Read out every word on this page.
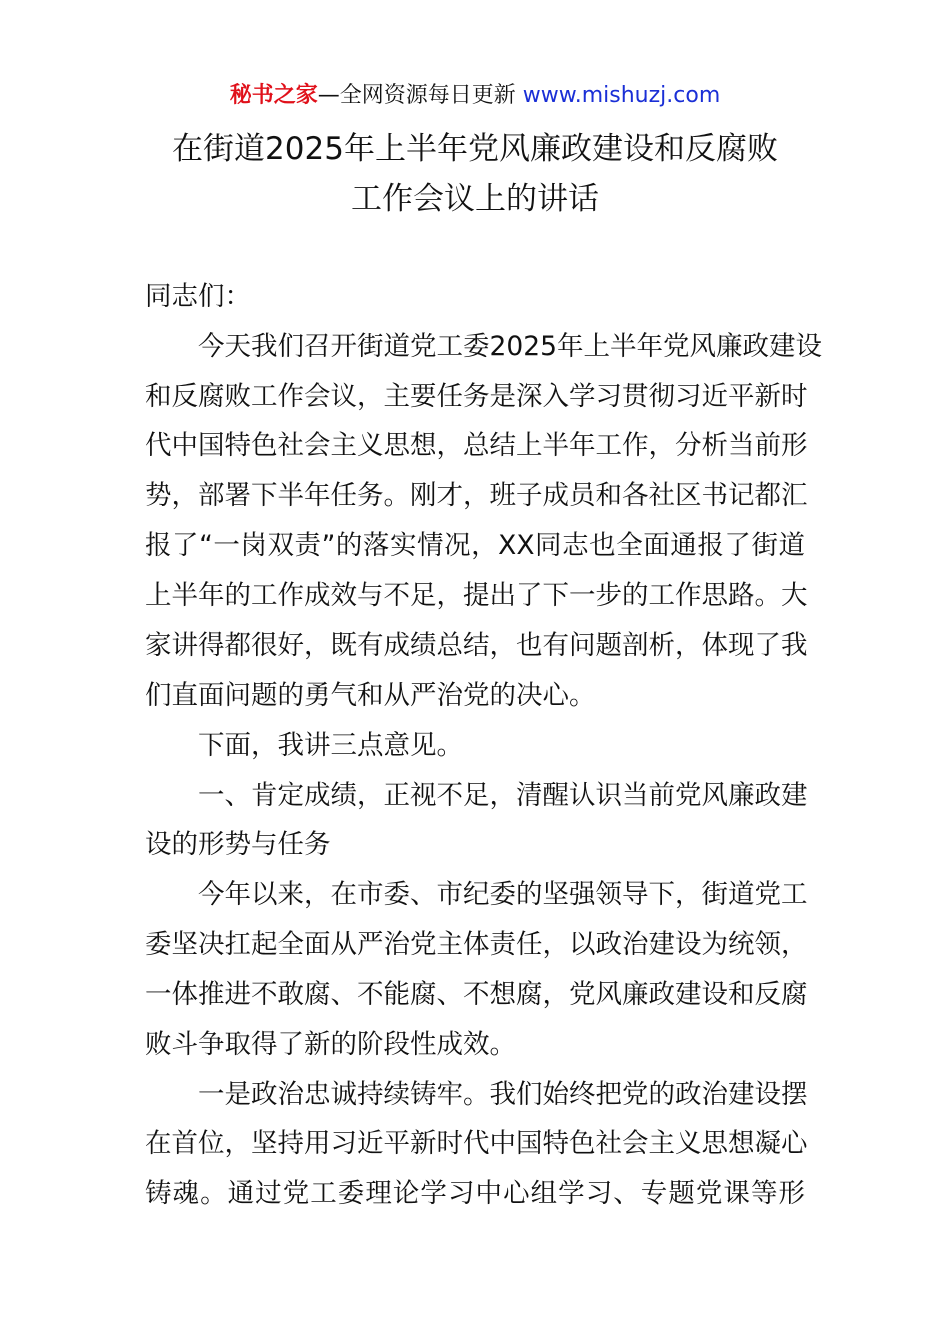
秘书之家—全网资源每日更新 www.mishuzj.com
在街道2025年上半年党风廉政建设和反腐败
工作会议上的讲话
同志们：
今天我们召开街道党工委2025年上半年党风廉政建设
和反腐败工作会议，主要任务是深入学习贯彻习近平新时
代中国特色社会主义思想，总结上半年工作，分析当前形
势，部署下半年任务。刚才，班子成员和各社区书记都汇
报了“一岗双责”的落实情况，XX同志也全面通报了街道
上半年的工作成效与不足，提出了下一步的工作思路。大
家讲得都很好，既有成绩总结，也有问题剖析，体现了我
们直面问题的勇气和从严治党的决心。
下面，我讲三点意见。
一、肯定成绩，正视不足，清醒认识当前党风廉政建
设的形势与任务
今年以来，在市委、市纪委的坚强领导下，街道党工
委坚决扛起全面从严治党主体责任，以政治建设为统领，
一体推进不敢腐、不能腐、不想腐，党风廉政建设和反腐
败斗争取得了新的阶段性成效。
一是政治忠诚持续铸牢。我们始终把党的政治建设摆
在首位，坚持用习近平新时代中国特色社会主义思想凝心
铸魂。通过党工委理论学习中心组学习、专题党课等形
